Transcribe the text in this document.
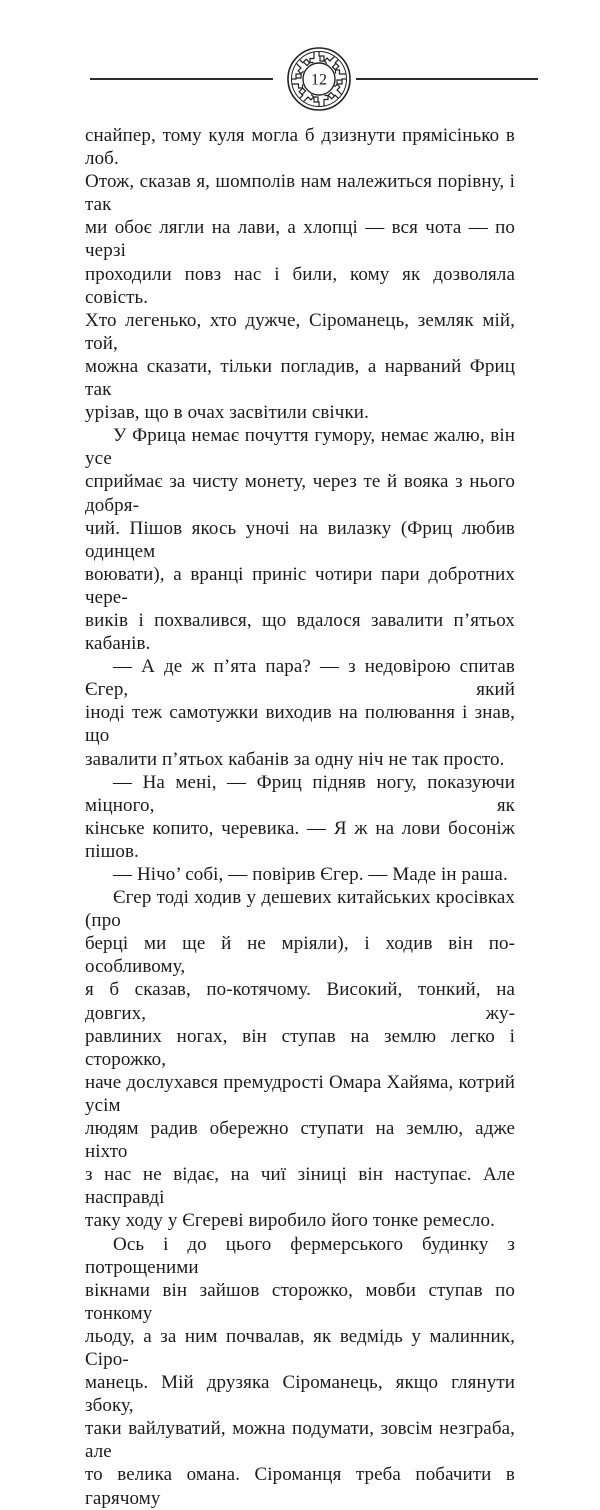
12
снайпер, тому куля могла б дзизнути прямісінько в лоб.
Отож, сказав я, шомполів нам належиться порівну, і так
ми обоє лягли на лави, а хлопці — вся чота — по черзі
проходили повз нас і били, кому як дозволяла совість.
Хто легенько, хто дужче, Сіроманець, земляк мій, той,
можна сказати, тільки погладив, а нарваний Фриц так
урізав, що в очах засвітили свічки.
У Фрица немає почуття гумору, немає жалю, він усе
сприймає за чисту монету, через те й вояка з нього добря-
чий. Пішов якось уночі на вилазку (Фриц любив одинцем
воювати), а вранці приніс чотири пари добротних чере-
виків і похвалився, що вдалося завалити п’ятьох кабанів.
— А де ж п’ята пара? — з недовірою спитав Єгер, який
іноді теж самотужки виходив на полювання і знав, що
завалити п’ятьох кабанів за одну ніч не так просто.
— На мені, — Фриц підняв ногу, показуючи міцного, як
кінське копито, черевика. — Я ж на лови босоніж пішов.
— Нічо’ собі, — повірив Єгер. — Маде ін раша.
Єгер тоді ходив у дешевих китайських кросівках (про
берці ми ще й не мріяли), і ходив він по-особливому,
я б сказав, по-котячому. Високий, тонкий, на довгих, жу-
равлиних ногах, він ступав на землю легко і сторожко,
наче дослухався премудрості Омара Хайяма, котрий усім
людям радив обережно ступати на землю, адже ніхто
з нас не відає, на чиї зіниці він наступає. Але насправді
таку ходу у Єгереві виробило його тонке ремесло.
Ось і до цього фермерського будинку з потрощеними
вікнами він зайшов сторожко, мовби ступав по тонкому
льоду, а за ним почвалав, як ведмідь у малинник, Сіро-
манець. Мій друзяка Сіроманець, якщо глянути збоку,
таки вайлуватий, можна подумати, зовсім незграба, але
то велика омана. Сіроманця треба побачити в гарячому
